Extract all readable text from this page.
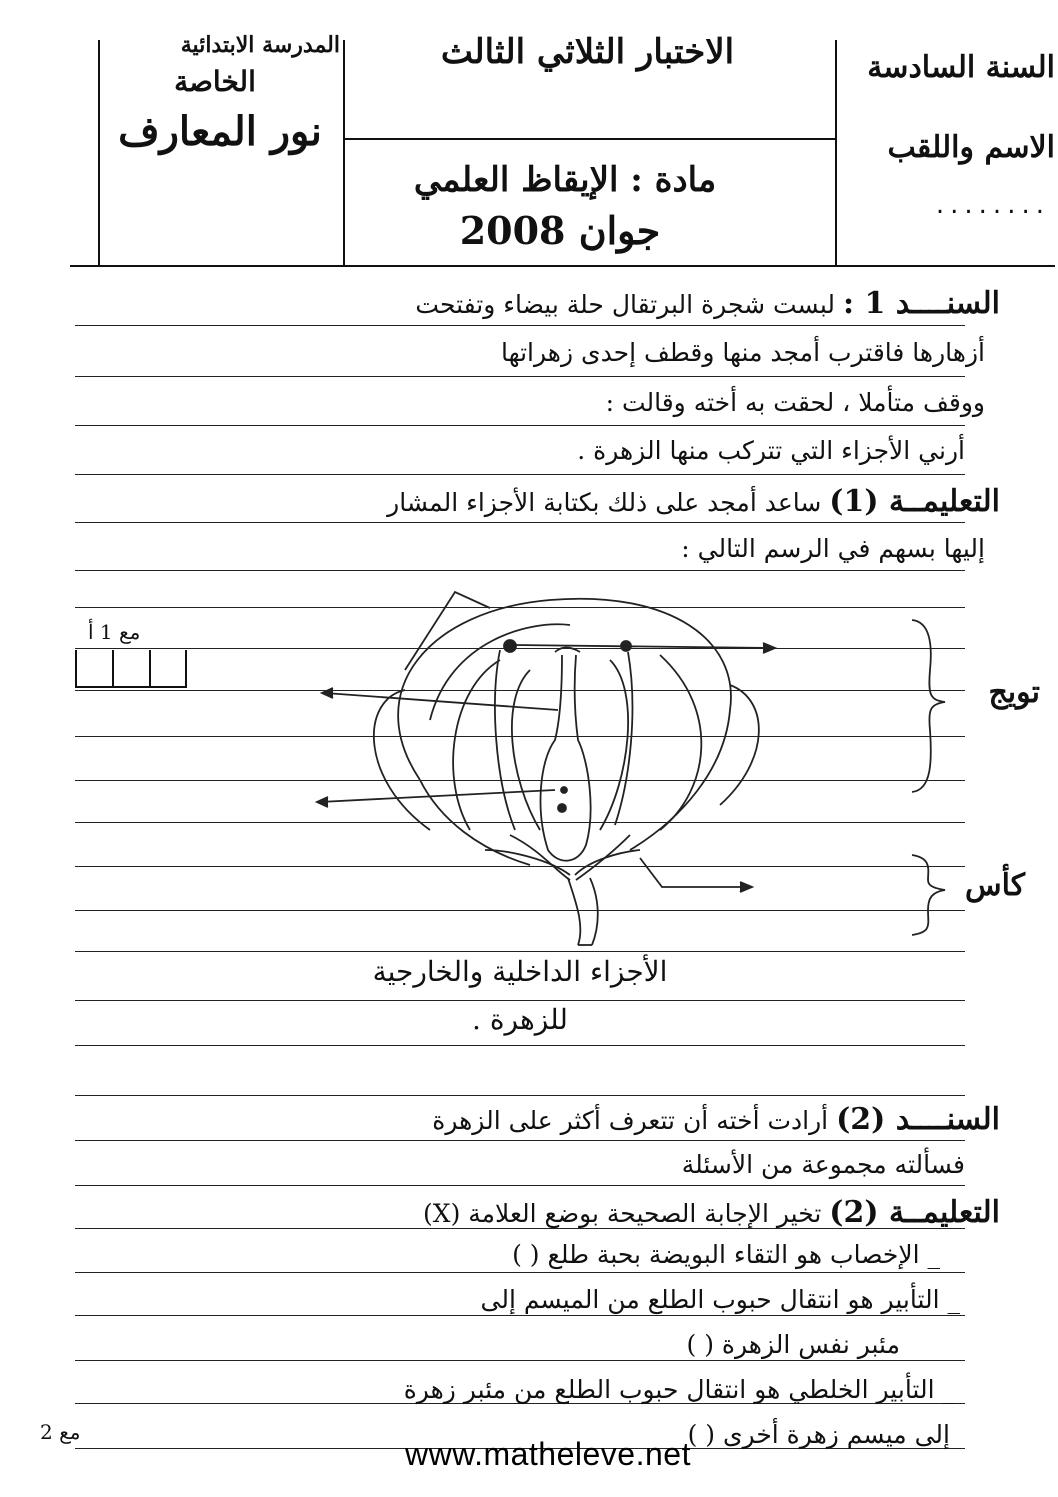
المدرسة الابتدائية
الخاصة
نور المعارف
الاختبار الثلاثي الثالث
مادة : الإيقاظ العلمي
جوان 2008
السنة السادسة
الاسم واللقب
........
السنــــد 1 : لبست شجرة البرتقال حلة بيضاء وتفتحت
أزهارها فاقترب أمجد منها وقطف إحدى زهراتها
ووقف متأملا ، لحقت به أخته وقالت :
أرني الأجزاء التي تتركب منها الزهرة .
التعليمــة (1) ساعد أمجد على ذلك بكتابة الأجزاء المشار
إليها بسهم في الرسم التالي :
مع 1 أ
تويج
كأس
الأجزاء الداخلية والخارجية
للزهرة .
السنــــد (2) أرادت أخته أن تتعرف أكثر على الزهرة
فسألته مجموعة من الأسئلة
التعليمــة (2) تخير الإجابة الصحيحة بوضع العلامة (X)
_ الإخصاب هو التقاء البويضة بحبة طلع ( )
_ التأبير هو انتقال حبوب الطلع من الميسم إلى
مئبر نفس الزهرة ( )
_ التأبير الخلطي هو انتقال حبوب الطلع من مئبر زهرة
إلى ميسم زهرة أخرى ( )
مع 2
www.matheleve.net
